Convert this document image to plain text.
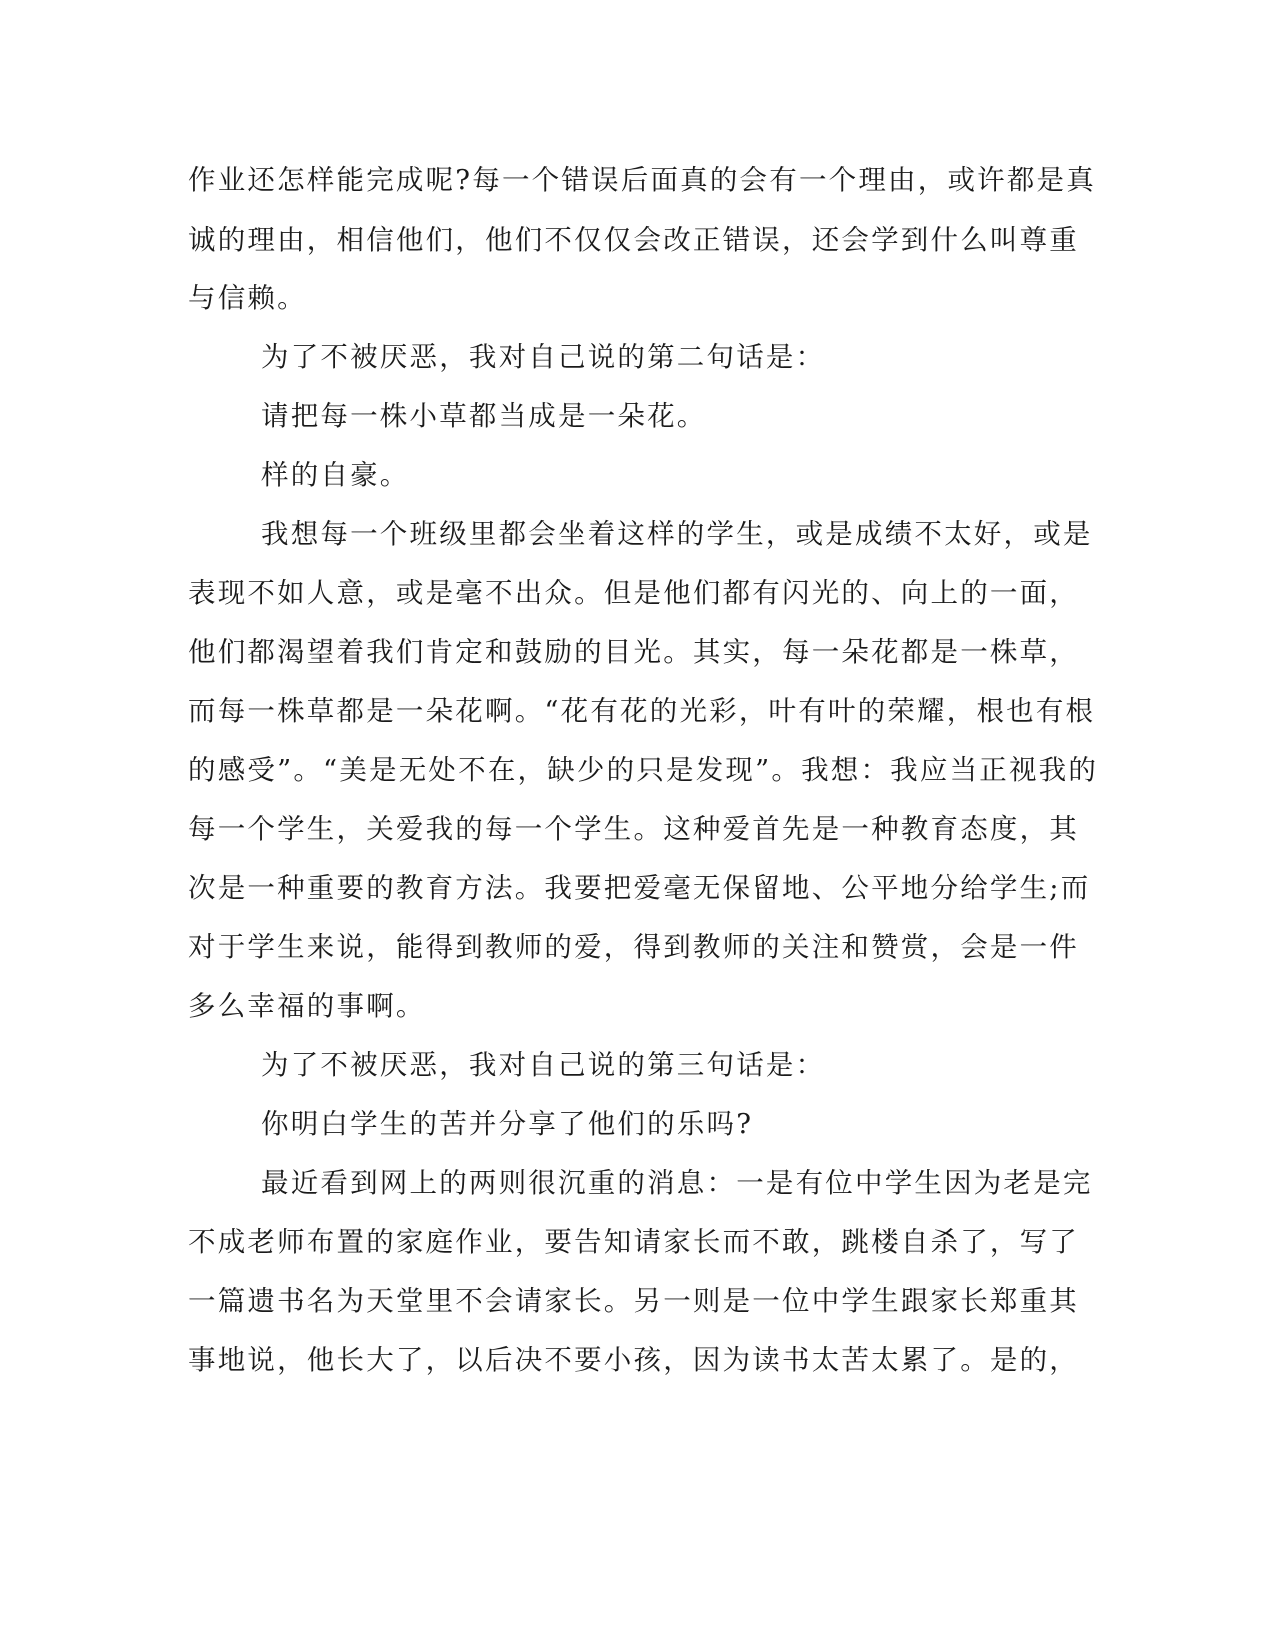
作业还怎样能完成呢?每一个错误后面真的会有一个理由，或许都是真
诚的理由，相信他们，他们不仅仅会改正错误，还会学到什么叫尊重
与信赖。
为了不被厌恶，我对自己说的第二句话是：
请把每一株小草都当成是一朵花。
样的自豪。
我想每一个班级里都会坐着这样的学生，或是成绩不太好，或是
表现不如人意，或是毫不出众。但是他们都有闪光的、向上的一面，
他们都渴望着我们肯定和鼓励的目光。其实，每一朵花都是一株草，
而每一株草都是一朵花啊。“花有花的光彩，叶有叶的荣耀，根也有根
的感受”。“美是无处不在，缺少的只是发现”。我想：我应当正视我的
每一个学生，关爱我的每一个学生。这种爱首先是一种教育态度，其
次是一种重要的教育方法。我要把爱毫无保留地、公平地分给学生;而
对于学生来说，能得到教师的爱，得到教师的关注和赞赏，会是一件
多么幸福的事啊。
为了不被厌恶，我对自己说的第三句话是：
你明白学生的苦并分享了他们的乐吗?
最近看到网上的两则很沉重的消息：一是有位中学生因为老是完
不成老师布置的家庭作业，要告知请家长而不敢，跳楼自杀了，写了
一篇遗书名为天堂里不会请家长。另一则是一位中学生跟家长郑重其
事地说，他长大了，以后决不要小孩，因为读书太苦太累了。是的，
